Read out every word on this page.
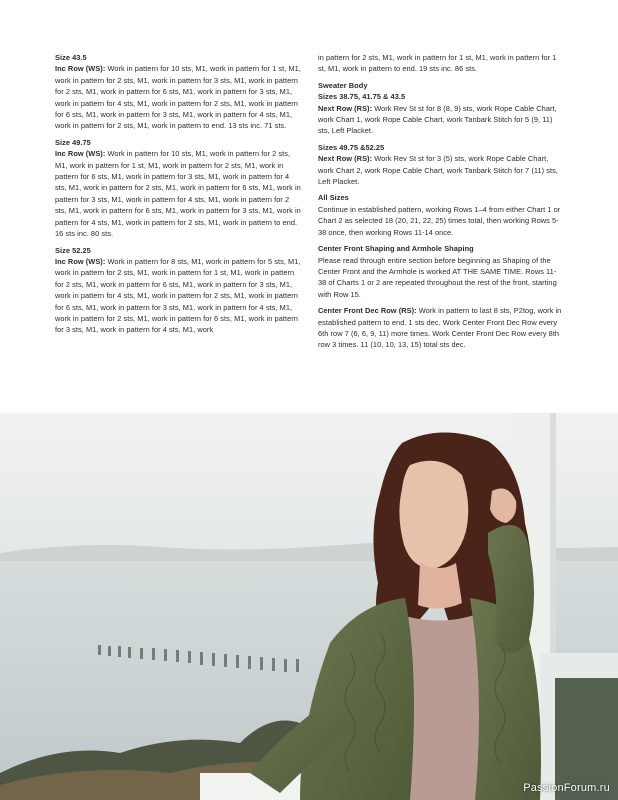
Size 43.5
Inc Row (WS): Work in pattern for 10 sts, M1, work in pattern for 1 st, M1, work in pattern for 2 sts, M1, work in pattern for 3 sts, M1, work in pattern for 2 sts, M1, work in pattern for 6 sts, M1, work in pattern for 3 sts, M1, work in pattern for 4 sts, M1, work in pattern for 2 sts, M1, work in pattern for 6 sts, M1, work in pattern for 3 sts, M1, work in pattern for 4 sts, M1, work in pattern for 2 sts, M1, work in pattern to end. 13 sts inc. 71 sts.
Size 49.75
Inc Row (WS): Work in pattern for 10 sts, M1, work in pattern for 2 sts, M1, work in pattern for 1 st, M1, work in pattern for 2 sts, M1, work in pattern for 6 sts, M1, work in pattern for 3 sts, M1, work in pattern for 4 sts, M1, work in pattern for 2 sts, M1, work in pattern for 6 sts, M1, work in pattern for 3 sts, M1, work in pattern for 4 sts, M1, work in pattern for 2 sts, M1, work in pattern for 6 sts, M1, work in pattern for 3 sts, M1, work in pattern for 4 sts, M1, work in pattern for 2 sts, M1, work in pattern to end. 16 sts inc. 80 sts.
Size 52.25
Inc Row (WS): Work in pattern for 8 sts, M1, work in pattern for 5 sts, M1, work in pattern for 2 sts, M1, work in pattern for 1 st, M1, work in pattern for 2 sts, M1, work in pattern for 6 sts, M1, work in pattern for 3 sts, M1, work in pattern for 4 sts, M1, work in pattern for 2 sts, M1, work in pattern for 6 sts, M1, work in pattern for 3 sts, M1, work in pattern for 4 sts, M1, work in pattern for 2 sts, M1, work in pattern for 6 sts, M1, work in pattern for 3 sts, M1, work in pattern for 4 sts, M1, work
in pattern for 2 sts, M1, work in pattern for 1 st, M1, work in pattern for 1 st, M1, work in pattern to end. 19 sts inc. 86 sts.
Sweater Body
Sizes 38.75, 41.75 & 43.5
Next Row (RS): Work Rev St st for 8 (8, 9) sts, work Rope Cable Chart, work Chart 1, work Rope Cable Chart, work Tanbark Stitch for 5 (9, 11) sts, Left Placket.
Sizes 49.75 &52.25
Next Row (RS): Work Rev St st for 3 (5) sts, work Rope Cable Chart, work Chart 2, work Rope Cable Chart, work Tanbark Stitch for 7 (11) sts, Left Placket.
All Sizes
Continue in established pattern, working Rows 1–4 from either Chart 1 or Chart 2 as selected 18 (20, 21, 22, 25) times total, then working Rows 5-38 once, then working Rows 11-14 once.
Center Front Shaping and Armhole Shaping
Please read through entire section before beginning as Shaping of the Center Front and the Armhole is worked AT THE SAME TIME. Rows 11-38 of Charts 1 or 2 are repeated throughout the rest of the front, starting with Row 15.
Center Front Dec Row (RS): Work in pattern to last 8 sts, P2tog, work in established pattern to end. 1 sts dec. Work Center Front Dec Row every 6th row 7 (6, 6, 9, 11) more times. Work Center Front Dec Row every 8th row 3 times. 11 (10, 10, 13, 15) total sts dec.
PassionForum.ru
